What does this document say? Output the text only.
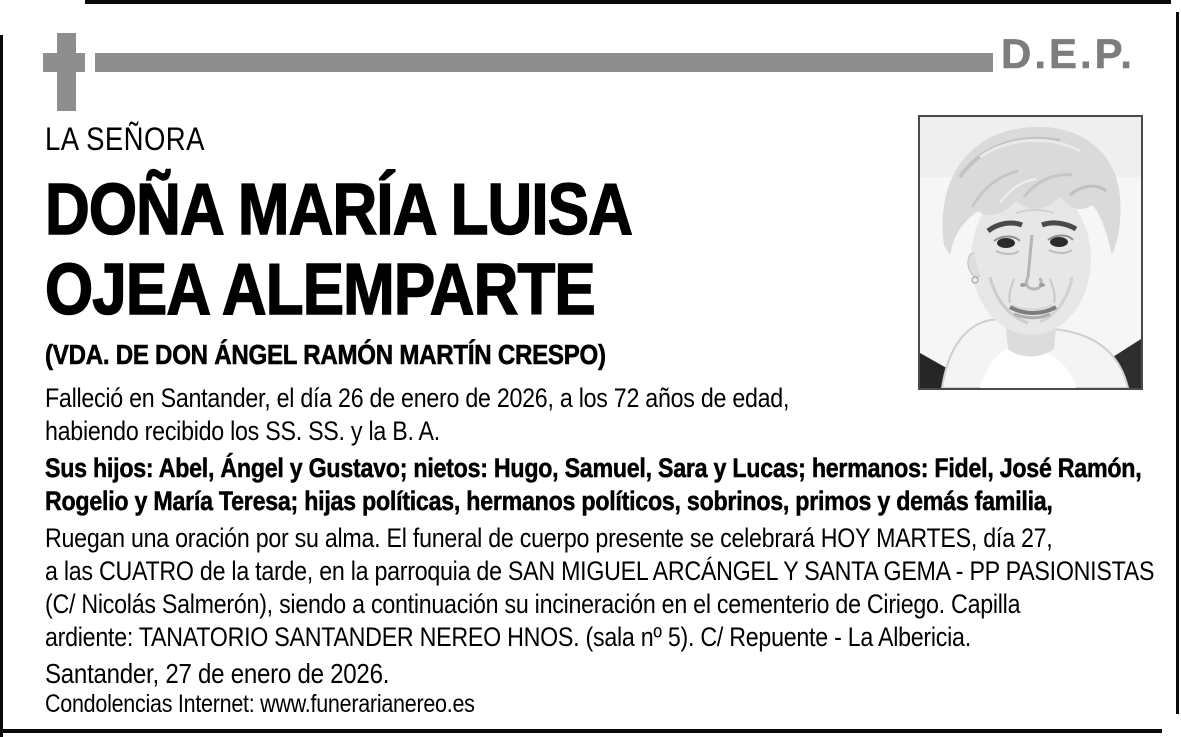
D.E.P.
LA SEÑORA
DOÑA MARÍA LUISA
OJEA ALEMPARTE
(VDA. DE DON ÁNGEL RAMÓN MARTÍN CRESPO)
Falleció en Santander, el día 26 de enero de 2026, a los 72 años de edad,
habiendo recibido los SS. SS. y la B. A.
Sus hijos: Abel, Ángel y Gustavo; nietos: Hugo, Samuel, Sara y Lucas; hermanos: Fidel, José Ramón,
Rogelio y María Teresa; hijas políticas, hermanos políticos, sobrinos, primos y demás familia,
Ruegan una oración por su alma. El funeral de cuerpo presente se celebrará HOY MARTES, día 27,
a las CUATRO de la tarde, en la parroquia de SAN MIGUEL ARCÁNGEL Y SANTA GEMA - PP PASIONISTAS
(C/ Nicolás Salmerón), siendo a continuación su incineración en el cementerio de Ciriego. Capilla
ardiente: TANATORIO SANTANDER NEREO HNOS. (sala nº 5). C/ Repuente - La Albericia.
Santander, 27 de enero de 2026.
Condolencias Internet: www.funerarianereo.es
